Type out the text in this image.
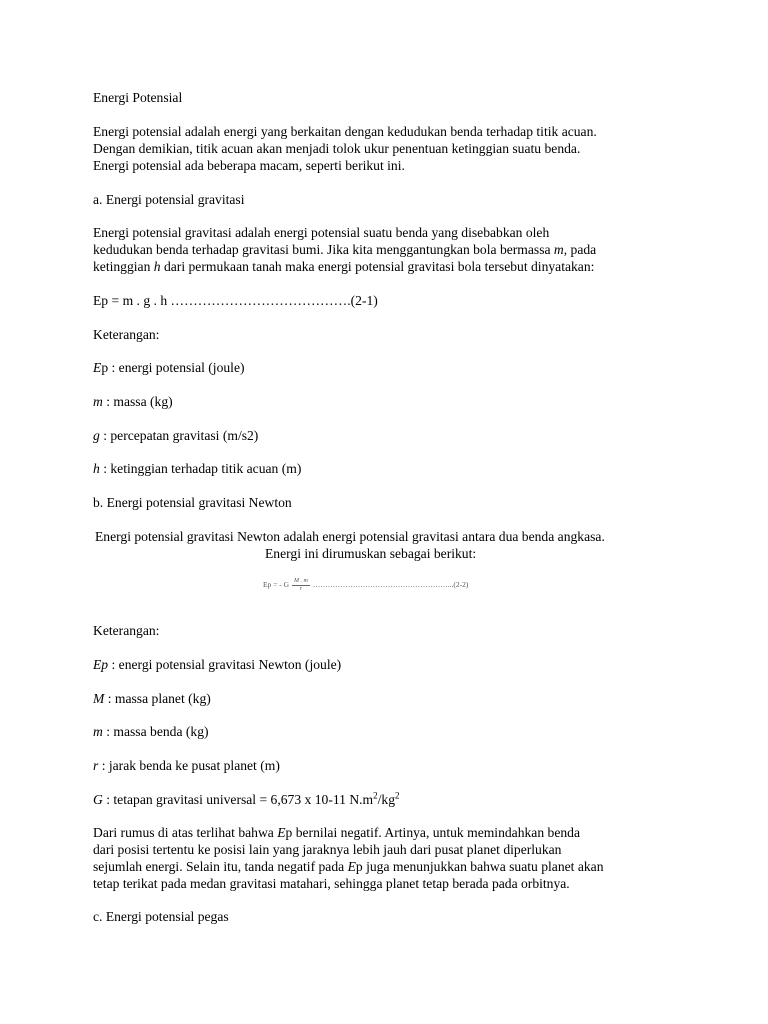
Energi Potensial

Energi potensial adalah energi yang berkaitan dengan kedudukan benda terhadap titik acuan.

Dengan demikian, titik acuan akan menjadi tolok ukur penentuan ketinggian suatu benda.

Energi potensial ada beberapa macam, seperti berikut ini.

a. Energi potensial gravitasi

Energi potensial gravitasi adalah energi potensial suatu benda yang disebabkan oleh

kedudukan benda terhadap gravitasi bumi. Jika kita menggantungkan bola bermassa m, pada

ketinggian h dari permukaan tanah maka energi potensial gravitasi bola tersebut dinyatakan:

Ep = m . g . h ………………………………….(2-1)

Keterangan:

Ep : energi potensial (joule)

m : massa (kg)

g : percepatan gravitasi (m/s2)

h : ketinggian terhadap titik acuan (m)

b. Energi potensial gravitasi Newton

Energi potensial gravitasi Newton adalah energi potensial gravitasi antara dua benda angkasa.

Energi ini dirumuskan sebagai berikut:

Ep = - G $\frac{M . m}{r}$ ………………………………………………...(2-2)

Keterangan:

Ep : energi potensial gravitasi Newton (joule)

M : massa planet (kg)

m : massa benda (kg)

r : jarak benda ke pusat planet (m)

G : tetapan gravitasi universal = 6,673 x 10-11 $N.m^2/kg^2$

Dari rumus di atas terlihat bahwa Ep bernilai negatif. Artinya, untuk memindahkan benda

dari posisi tertentu ke posisi lain yang jaraknya lebih jauh dari pusat planet diperlukan

sejumlah energi. Selain itu, tanda negatif pada Ep juga menunjukkan bahwa suatu planet akan

tetap terikat pada medan gravitasi matahari, sehingga planet tetap berada pada orbitnya.

c. Energi potensial pegas
